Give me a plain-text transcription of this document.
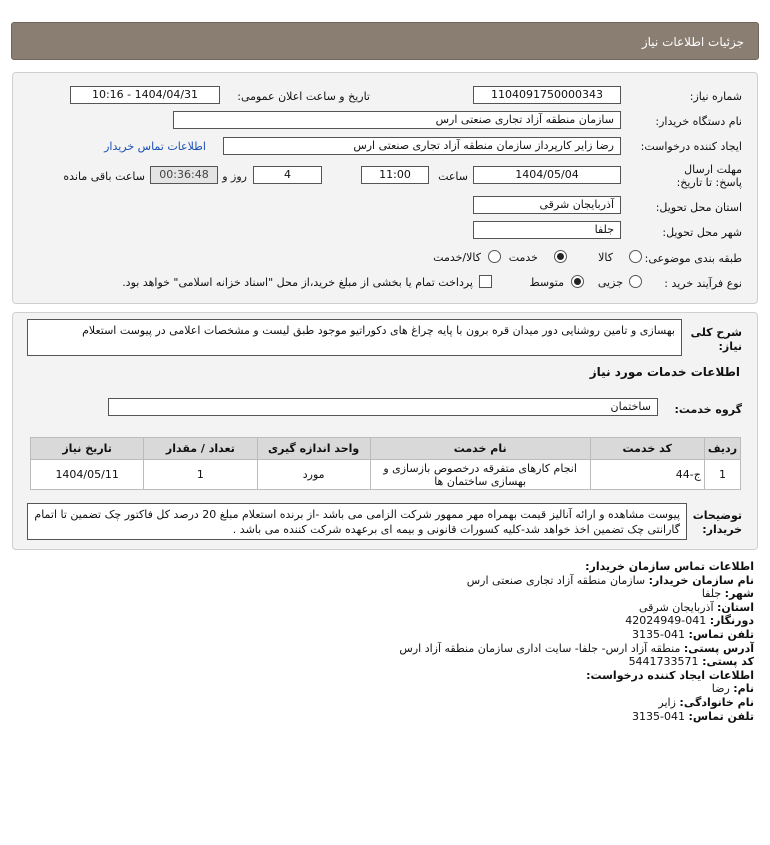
جزئیات اطلاعات نیاز
شماره نیاز:
1104091750000343
تاریخ و ساعت اعلان عمومی:
1404/04/31 - 10:16
نام دستگاه خریدار:
سازمان منطقه آزاد تجاری صنعتی ارس
ایجاد کننده درخواست:
رضا زایر کارپرداز سازمان منطقه آزاد تجاری صنعتی ارس
اطلاعات تماس خریدار
مهلت ارسال پاسخ: تا تاریخ:
1404/05/04
ساعت
11:00
4
روز و
00:36:48
ساعت باقی مانده
استان محل تحویل:
آذربایجان شرقی
شهر محل تحویل:
جلفا
طبقه بندی موضوعی:
کالا
خدمت
کالا/خدمت
نوع فرآیند خرید :
جزیی
متوسط
پرداخت تمام یا بخشی از مبلغ خرید،از محل "اسناد خزانه اسلامی" خواهد بود.
شرح کلی نیاز:
بهسازی و تامین روشنایی دور میدان قره برون با پایه چراغ های دکوراتیو موجود طبق لیست و مشخصات اعلامی در پیوست استعلام
اطلاعات خدمات مورد نیاز
گروه خدمت:
ساختمان
ردیف	کد خدمت	نام خدمت	واحد اندازه گیری	تعداد / مقدار	تاریخ نیاز
1	ج-44	انجام کارهای متفرقه درخصوص بازسازی و بهسازی ساختمان ها	مورد	1	1404/05/11
توضیحات خریدار:
پیوست مشاهده و ارائه آنالیز قیمت بهمراه مهر ممهور شرکت الزامی می باشد -از برنده استعلام مبلغ 20 درصد کل فاکتور چک تضمین تا اتمام گارانتی چک تضمین اخذ خواهد شد-کلیه کسورات قانونی و بیمه ای برعهده شرکت کننده می باشد .
اطلاعات تماس سازمان خریدار:
نام سازمان خریدار: سازمان منطقه آزاد تجاری صنعتی ارس
شهر: جلفا
استان: آذربایجان شرقی
دورنگار: 041-42024949
تلفن تماس: 041-3135
آدرس پستی: منطقه آزاد ارس- جلفا- سایت اداری سازمان منطقه آزاد ارس
کد پستی: 5441733571
اطلاعات ایجاد کننده درخواست:
نام: رضا
نام خانوادگی: زایر
تلفن تماس: 041-3135
